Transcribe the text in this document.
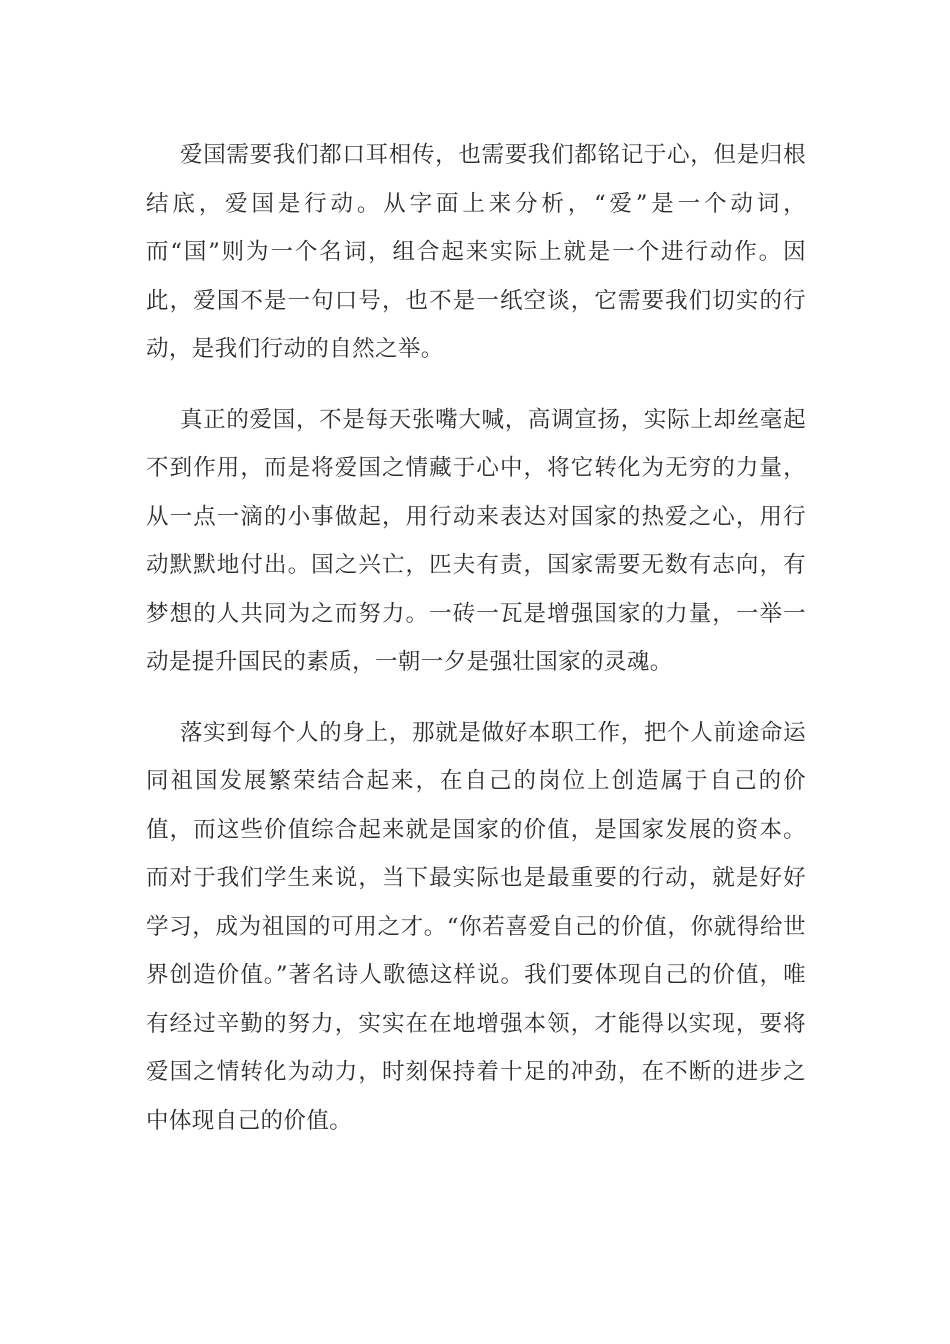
爱国需要我们都口耳相传，也需要我们都铭记于心，但是归根结底，爱国是行动。从字面上来分析，“爱”是一个动词，而“国”则为一个名词，组合起来实际上就是一个进行动作。因此，爱国不是一句口号，也不是一纸空谈，它需要我们切实的行动，是我们行动的自然之举。

真正的爱国，不是每天张嘴大喊，高调宣扬，实际上却丝毫起不到作用，而是将爱国之情藏于心中，将它转化为无穷的力量，从一点一滴的小事做起，用行动来表达对国家的热爱之心，用行动默默地付出。国之兴亡，匹夫有责，国家需要无数有志向，有梦想的人共同为之而努力。一砖一瓦是增强国家的力量，一举一动是提升国民的素质，一朝一夕是强壮国家的灵魂。

落实到每个人的身上，那就是做好本职工作，把个人前途命运同祖国发展繁荣结合起来，在自己的岗位上创造属于自己的价值，而这些价值综合起来就是国家的价值，是国家发展的资本。而对于我们学生来说，当下最实际也是最重要的行动，就是好好学习，成为祖国的可用之才。“你若喜爱自己的价值，你就得给世界创造价值。”著名诗人歌德这样说。我们要体现自己的价值，唯有经过辛勤的努力，实实在在地增强本领，才能得以实现，要将爱国之情转化为动力，时刻保持着十足的冲劲，在不断的进步之中体现自己的价值。
